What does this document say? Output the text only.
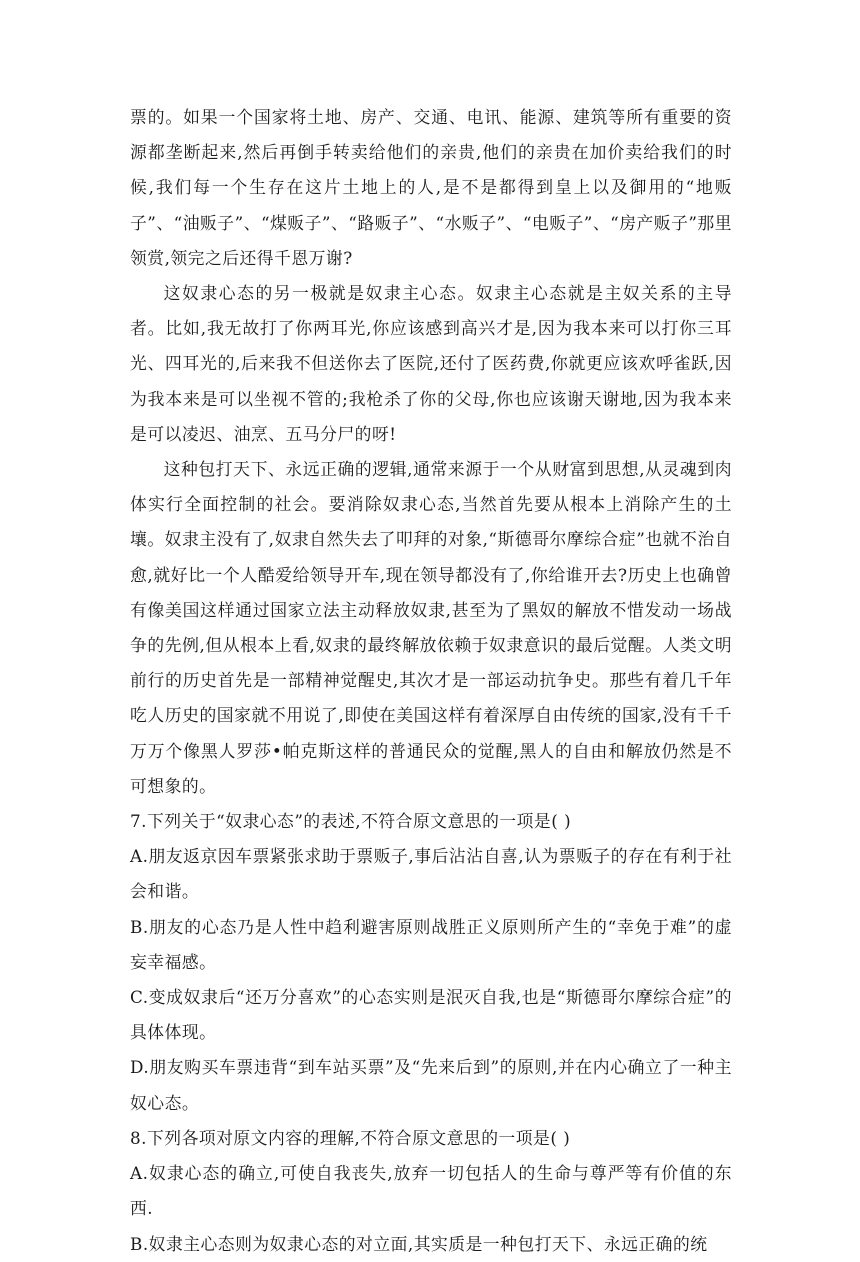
票的。如果一个国家将土地、房产、交通、电讯、能源、建筑等所有重要的资源都垄断起来,然后再倒手转卖给他们的亲贵,他们的亲贵在加价卖给我们的时候,我们每一个生存在这片土地上的人,是不是都得到皇上以及御用的“地贩子”、“油贩子”、“煤贩子”、“路贩子”、“水贩子”、“电贩子”、“房产贩子”那里领赏,领完之后还得千恩万谢?

这奴隶心态的另一极就是奴隶主心态。奴隶主心态就是主奴关系的主导者。比如,我无故打了你两耳光,你应该感到高兴才是,因为我本来可以打你三耳光、四耳光的,后来我不但送你去了医院,还付了医药费,你就更应该欢呼雀跃,因为我本来是可以坐视不管的;我枪杀了你的父母,你也应该谢天谢地,因为我本来是可以凌迟、油烹、五马分尸的呀!

这种包打天下、永远正确的逻辑,通常来源于一个从财富到思想,从灵魂到肉体实行全面控制的社会。要消除奴隶心态,当然首先要从根本上消除产生的土壤。奴隶主没有了,奴隶自然失去了叩拜的对象,“斯德哥尔摩综合症”也就不治自愈,就好比一个人酷爱给领导开车,现在领导都没有了,你给谁开去?历史上也确曾有像美国这样通过国家立法主动释放奴隶,甚至为了黑奴的解放不惜发动一场战争的先例,但从根本上看,奴隶的最终解放依赖于奴隶意识的最后觉醒。人类文明前行的历史首先是一部精神觉醒史,其次才是一部运动抗争史。那些有着几千年吃人历史的国家就不用说了,即使在美国这样有着深厚自由传统的国家,没有千千万万个像黑人罗莎•帕克斯这样的普通民众的觉醒,黑人的自由和解放仍然是不可想象的。

7.下列关于“奴隶心态”的表述,不符合原文意思的一项是( )

A.朋友返京因车票紧张求助于票贩子,事后沾沾自喜,认为票贩子的存在有利于社会和谐。

B.朋友的心态乃是人性中趋利避害原则战胜正义原则所产生的“幸免于难”的虚妄幸福感。

C.变成奴隶后“还万分喜欢”的心态实则是泯灭自我,也是“斯德哥尔摩综合症”的具体体现。

D.朋友购买车票违背“到车站买票”及“先来后到”的原则,并在内心确立了一种主奴心态。

8.下列各项对原文内容的理解,不符合原文意思的一项是( )

A.奴隶心态的确立,可使自我丧失,放弃一切包括人的生命与尊严等有价值的东西.

B.奴隶主心态则为奴隶心态的对立面,其实质是一种包打天下、永远正确的统
